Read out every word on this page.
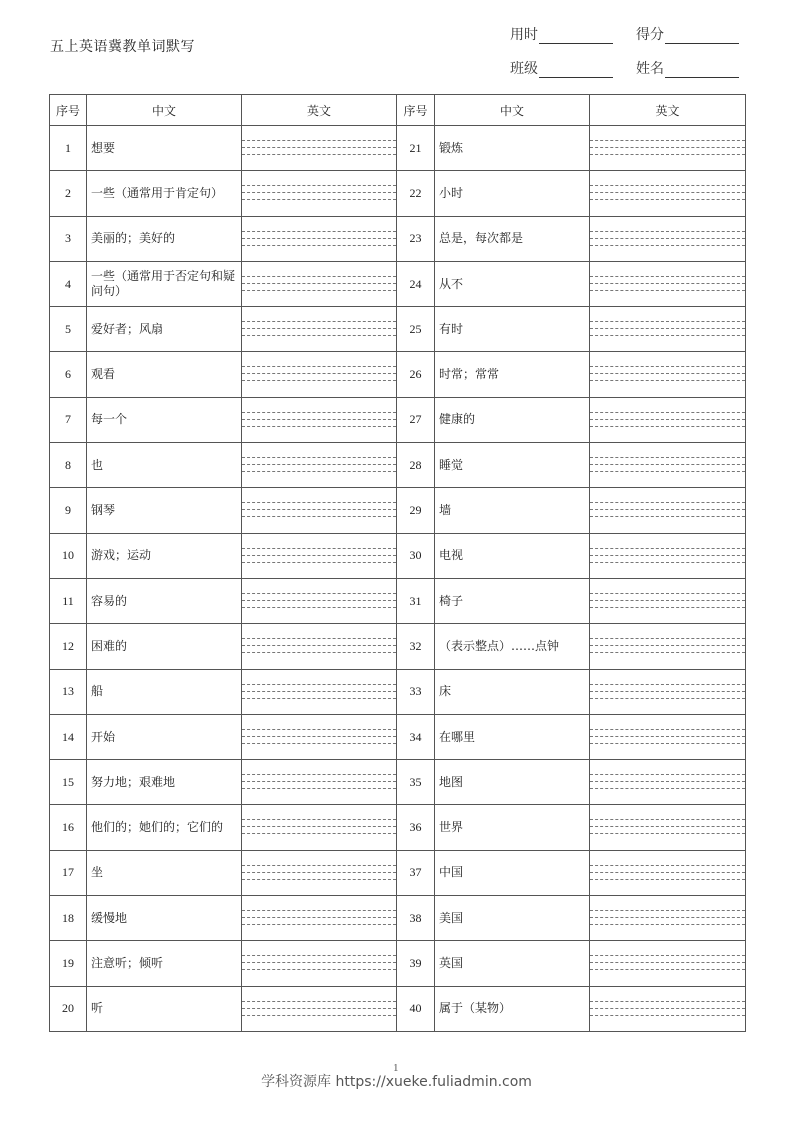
五上英语冀教单词默写
用时	得分
班级	姓名
序号	中文	英文	序号	中文	英文
1	想要		21	锻炼	

2	一些（通常用于肯定句）		22	小时	

3	美丽的；美好的		23	总是，每次都是	

4	一些（通常用于否定句和疑问句）		24	从不	

5	爱好者；风扇		25	有时	

6	观看		26	时常；常常	

7	每一个		27	健康的	

8	也		28	睡觉	

9	钢琴		29	墙	

10	游戏；运动		30	电视	

11	容易的		31	椅子	

12	困难的		32	（表示整点）……点钟	

13	船		33	床	

14	开始		34	在哪里	

15	努力地；艰难地		35	地图	

16	他们的；她们的；它们的		36	世界	

17	坐		37	中国	

18	缓慢地		38	美国	

19	注意听；倾听		39	英国	

20	听		40	属于（某物）	
学科资源库 https://xueke.fuliadmin.com
1
